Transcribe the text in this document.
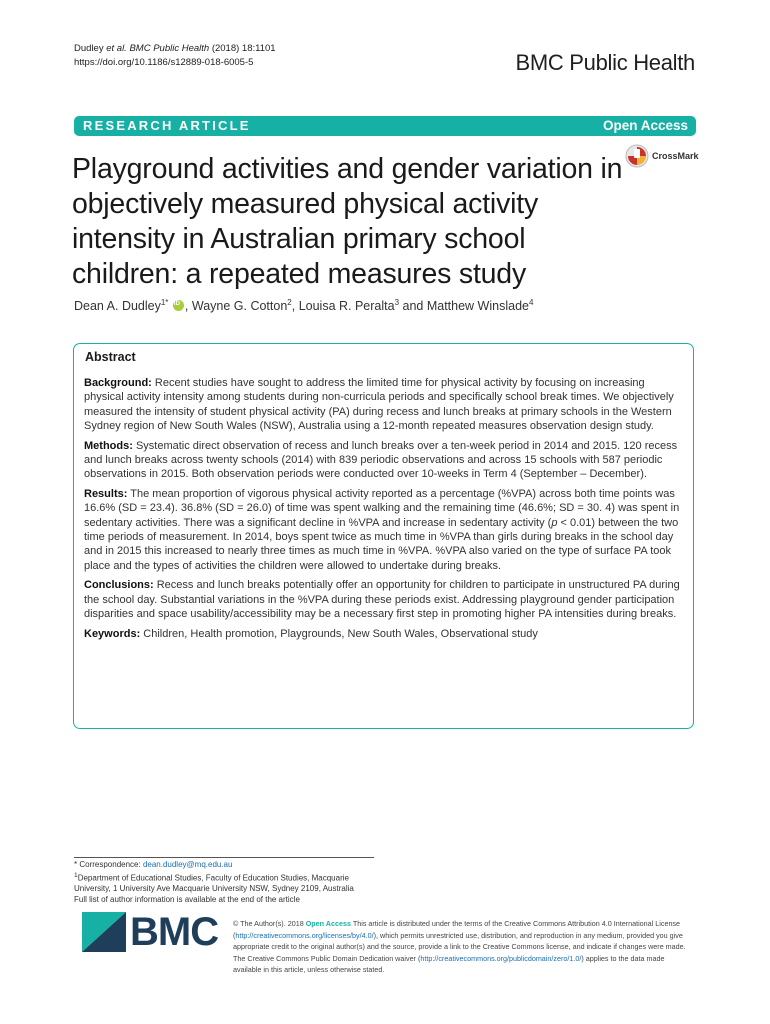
Dudley et al. BMC Public Health (2018) 18:1101
https://doi.org/10.1186/s12889-018-6005-5	BMC Public Health
RESEARCH ARTICLE	Open Access
CrossMark
Playground activities and gender variation in objectively measured physical activity intensity in Australian primary school children: a repeated measures study
Dean A. Dudley$^{1*}$ iD , Wayne G. Cotton$^2$, Louisa R. Peralta$^3$ and Matthew Winslade$^4$
Abstract

Background: Recent studies have sought to address the limited time for physical activity by focusing on increasing physical activity intensity among students during non-curricula periods and specifically school break times. We objectively measured the intensity of student physical activity (PA) during recess and lunch breaks at primary schools in the Western Sydney region of New South Wales (NSW), Australia using a 12-month repeated measures observation design study.

Methods: Systematic direct observation of recess and lunch breaks over a ten-week period in 2014 and 2015. 120 recess and lunch breaks across twenty schools (2014) with 839 periodic observations and across 15 schools with 587 periodic observations in 2015. Both observation periods were conducted over 10-weeks in Term 4 (September – December).

Results: The mean proportion of vigorous physical activity reported as a percentage (%VPA) across both time points was 16.6% (SD = 23.4). 36.8% (SD = 26.0) of time was spent walking and the remaining time (46.6%; SD = 30. 4) was spent in sedentary activities. There was a significant decline in %VPA and increase in sedentary activity (p < 0.01) between the two time periods of measurement. In 2014, boys spent twice as much time in %VPA than girls during breaks in the school day and in 2015 this increased to nearly three times as much time in %VPA. %VPA also varied on the type of surface PA took place and the types of activities the children were allowed to undertake during breaks.

Conclusions: Recess and lunch breaks potentially offer an opportunity for children to participate in unstructured PA during the school day. Substantial variations in the %VPA during these periods exist. Addressing playground gender participation disparities and space usability/accessibility may be a necessary first step in promoting higher PA intensities during breaks.

Keywords: Children, Health promotion, Playgrounds, New South Wales, Observational study

* Correspondence: dean.dudley@mq.edu.au

$^1$Department of Educational Studies, Faculty of Education Studies, Macquarie University, 1 University Ave Macquarie University NSW, Sydney 2109, Australia

Full list of author information is available at the end of the article

BMC © The Author(s). 2018 Open Access This article is distributed under the terms of the Creative Commons Attribution 4.0 International License (http://creativecommons.org/licenses/by/4.0/), which permits unrestricted use, distribution, and reproduction in any medium, provided you give appropriate credit to the original author(s) and the source, provide a link to the Creative Commons license, and indicate if changes were made. The Creative Commons Public Domain Dedication waiver (http://creativecommons.org/publicdomain/zero/1.0/) applies to the data made available in this article, unless otherwise stated.
